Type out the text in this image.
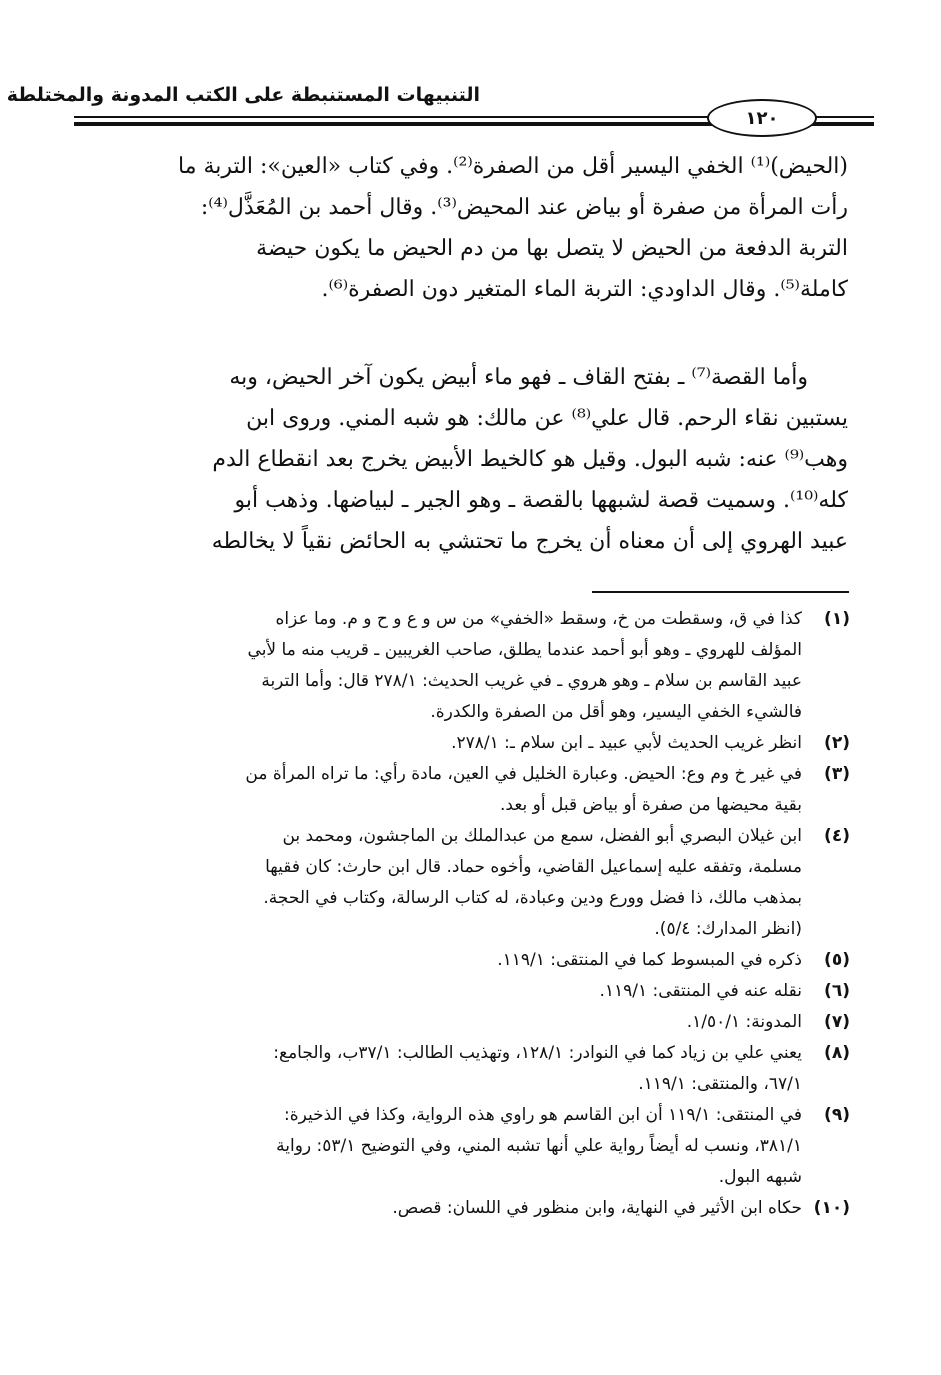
التنبيهات المستنبطة على الكتب المدونة والمختلطة
١٢٠
(الحيض)⁽¹⁾ الخفي اليسير أقل من الصفرة⁽²⁾. وفي كتاب «العين»: التربة ما
رأت المرأة من صفرة أو بياض عند المحيض⁽³⁾. وقال أحمد بن المُعَذَّل⁽⁴⁾:
التربة الدفعة من الحيض لا يتصل بها من دم الحيض ما يكون حيضة
كاملة⁽⁵⁾. وقال الداودي: التربة الماء المتغير دون الصفرة⁽⁶⁾.
وأما القصة⁽⁷⁾ ـ بفتح القاف ـ فهو ماء أبيض يكون آخر الحيض، وبه
يستبين نقاء الرحم. قال علي⁽⁸⁾ عن مالك: هو شبه المني. وروى ابن
وهب⁽⁹⁾ عنه: شبه البول. وقيل هو كالخيط الأبيض يخرج بعد انقطاع الدم
كله⁽¹⁰⁾. وسميت قصة لشبهها بالقصة ـ وهو الجير ـ لبياضها. وذهب أبو
عبيد الهروي إلى أن معناه أن يخرج ما تحتشي به الحائض نقياً لا يخالطه
(١)
كذا في ق، وسقطت من خ، وسقط «الخفي» من س و ع و ح و م. وما عزاه
المؤلف للهروي ـ وهو أبو أحمد عندما يطلق، صاحب الغريبين ـ قريب منه ما لأبي
عبيد القاسم بن سلام ـ وهو هروي ـ في غريب الحديث: ٢٧٨/١ قال: وأما التربة
فالشيء الخفي اليسير، وهو أقل من الصفرة والكدرة.
(٢)
انظر غريب الحديث لأبي عبيد ـ ابن سلام ـ: ٢٧٨/١.
(٣)
في غير خ وم وع: الحيض. وعبارة الخليل في العين، مادة رأي: ما تراه المرأة من
بقية محيضها من صفرة أو بياض قبل أو بعد.
(٤)
ابن غيلان البصري أبو الفضل، سمع من عبدالملك بن الماجشون، ومحمد بن
مسلمة، وتفقه عليه إسماعيل القاضي، وأخوه حماد. قال ابن حارث: كان فقيها
بمذهب مالك، ذا فضل وورع ودين وعبادة، له كتاب الرسالة، وكتاب في الحجة.
(انظر المدارك: ٥/٤).
(٥)
ذكره في المبسوط كما في المنتقى: ١١٩/١.
(٦)
نقله عنه في المنتقى: ١١٩/١.
(٧)
المدونة: ١/٥٠/١.
(٨)
يعني علي بن زياد كما في النوادر: ١٢٨/١، وتهذيب الطالب: ٣٧/١ب، والجامع:
٦٧/١، والمنتقى: ١١٩/١.
(٩)
في المنتقى: ١١٩/١ أن ابن القاسم هو راوي هذه الرواية، وكذا في الذخيرة:
٣٨١/١، ونسب له أيضاً رواية علي أنها تشبه المني، وفي التوضيح ٥٣/١: رواية
شبهه البول.
(١٠)
حكاه ابن الأثير في النهاية، وابن منظور في اللسان: قصص.
